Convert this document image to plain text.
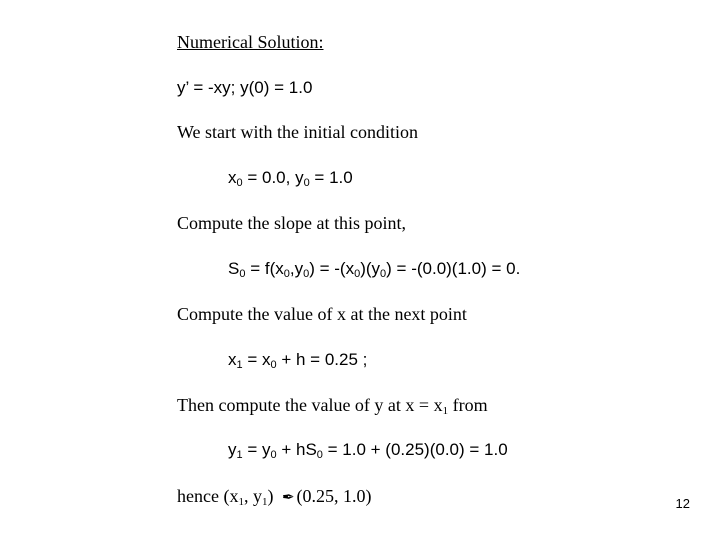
Numerical Solution:
y’ = -xy; y(0) = 1.0
We start with the initial condition
$x_0 = 0.0$, $y_0 = 1.0$
Compute the slope at this point,
$S_0 = f(x_0,y_0) = -(x_0)(y_0) = -(0.0)(1.0) = 0$.
Compute the value of x at the next point
$x_1 = x_0 + h = 0.25$ ;
Then compute the value of y at $x = x_1$ from
$y_1 = y_0 + hS_0 = 1.0 + (0.25)(0.0) = 1.0$
hence ($x_1$, $y_1$) ✒ (0.25, 1.0)	12
